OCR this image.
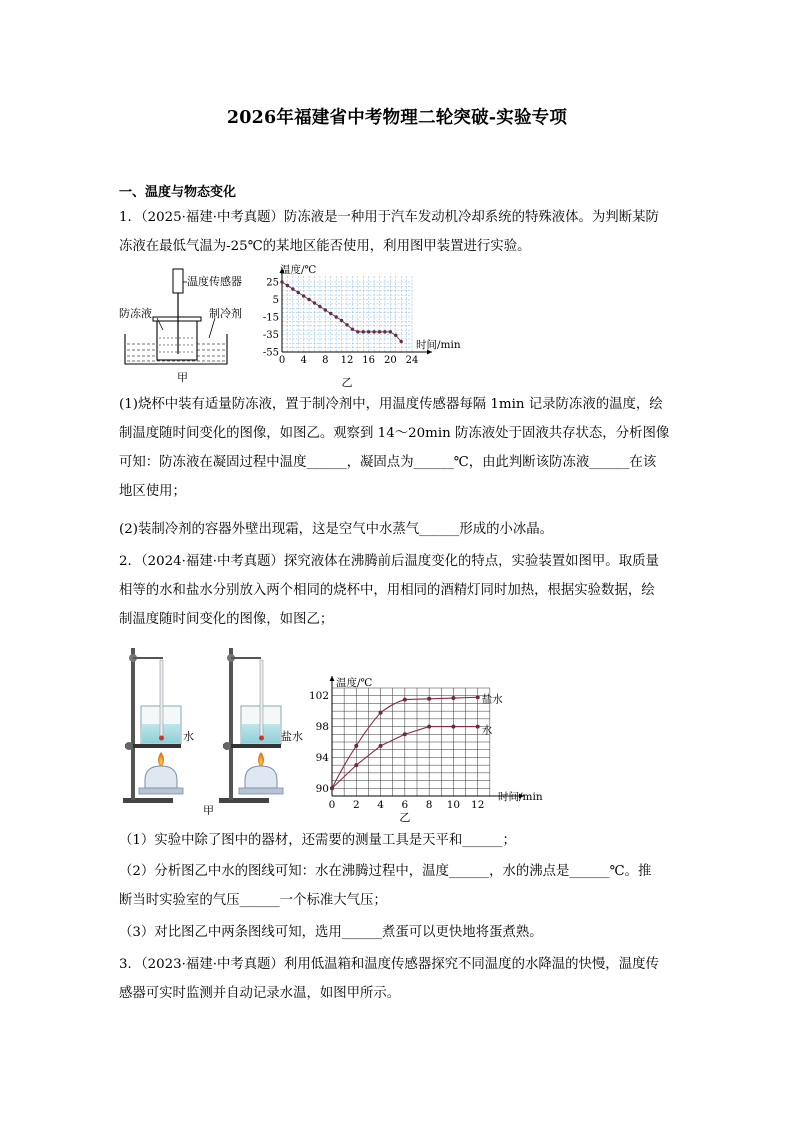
2026年福建省中考物理二轮突破-实验专项
一、温度与物态变化
1．（2025·福建·中考真题）防冻液是一种用于汽车发动机冷却系统的特殊液体。为判断某防
冻液在最低气温为-25℃的某地区能否使用，利用图甲装置进行实验。
温度传感器
防冻液	制冷剂
甲
0 4 8 12 16 20 24
25
5
-15
-35
-55
温度/℃
时间/min
乙
(1)烧杯中装有适量防冻液，置于制冷剂中，用温度传感器每隔 1min 记录防冻液的温度，绘
制温度随时间变化的图像，如图乙。观察到 14～20min 防冻液处于固液共存状态，分析图像
可知：防冻液在凝固过程中温度______，凝固点为______℃，由此判断该防冻液______在该
地区使用；
(2)装制冷剂的容器外壁出现霜，这是空气中水蒸气______形成的小冰晶。
2．（2024·福建·中考真题）探究液体在沸腾前后温度变化的特点，实验装置如图甲。取质量
相等的水和盐水分别放入两个相同的烧杯中，用相同的酒精灯同时加热，根据实验数据，绘
制温度随时间变化的图像，如图乙；
水	盐水
甲	0 2 4 6 8 10 12
90
94
98
102
温度/℃
时间/min
乙
盐水
水
（1）实验中除了图中的器材，还需要的测量工具是天平和______；
（2）分析图乙中水的图线可知：水在沸腾过程中，温度______，水的沸点是______℃。推
断当时实验室的气压______一个标准大气压；
（3）对比图乙中两条图线可知，选用______煮蛋可以更快地将蛋煮熟。
3．（2023·福建·中考真题）利用低温箱和温度传感器探究不同温度的水降温的快慢，温度传
感器可实时监测并自动记录水温，如图甲所示。
